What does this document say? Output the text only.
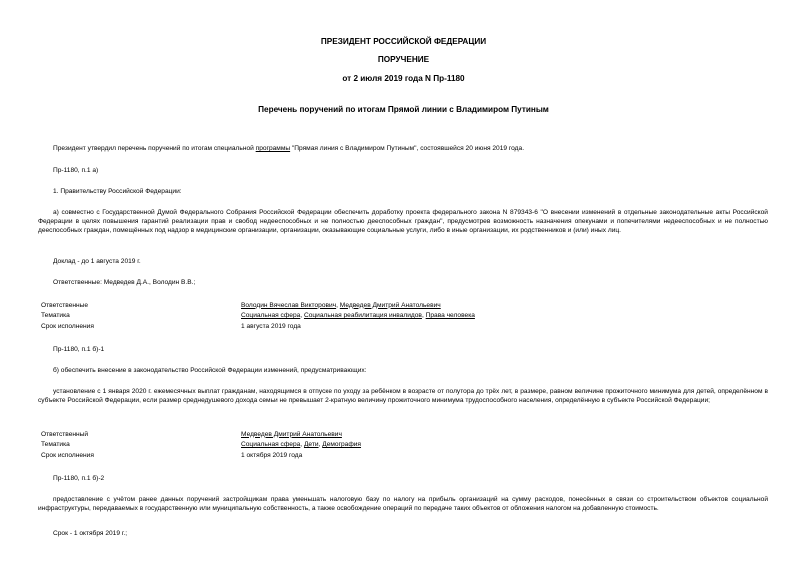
ПРЕЗИДЕНТ РОССИЙСКОЙ ФЕДЕРАЦИИ
ПОРУЧЕНИЕ
от 2 июля 2019 года N Пр-1180
Перечень поручений по итогам Прямой линии с Владимиром Путиным

Президент утвердил перечень поручений по итогам специальной программы "Прямая линия с Владимиром Путиным", состоявшейся 20 июня 2019 года.

Пр-1180, п.1 а)

1. Правительству Российской Федерации:

а) совместно с Государственной Думой Федерального Собрания Российской Федерации обеспечить доработку проекта федерального закона N 879343-6 "О внесении изменений в отдельные законодательные акты Российской Федерации в целях повышения гарантий реализации прав и свобод недееспособных и не полностью дееспособных граждан", предусмотрев возможность назначения опекунами и попечителями недееспособных и не полностью дееспособных граждан, помещённых под надзор в медицинские организации, организации, оказывающие социальные услуги, либо в иные организации, их родственников и (или) иных лиц.

Доклад - до 1 августа 2019 г.

Ответственные: Медведев Д.А., Володин В.В.;

Ответственные	Володин Вячеслав Викторович, Медведев Дмитрий Анатольевич
Тематика	Социальная сфера, Социальная реабилитация инвалидов, Права человека
Срок исполнения	1 августа 2019 года

Пр-1180, п.1 б)-1

б) обеспечить внесение в законодательство Российской Федерации изменений, предусматривающих:

установление с 1 января 2020 г. ежемесячных выплат гражданам, находящимся в отпуске по уходу за ребёнком в возрасте от полутора до трёх лет, в размере, равном величине прожиточного минимума для детей, определённом в субъекте Российской Федерации, если размер среднедушевого дохода семьи не превышает 2-кратную величину прожиточного минимума трудоспособного населения, определённую в субъекте Российской Федерации;

Ответственный	Медведев Дмитрий Анатольевич
Тематика	Социальная сфера, Дети, Демография
Срок исполнения	1 октября 2019 года

Пр-1180, п.1 б)-2

предоставление с учётом ранее данных поручений застройщикам права уменьшать налоговую базу по налогу на прибыль организаций на сумму расходов, понесённых в связи со строительством объектов социальной инфраструктуры, передаваемых в государственную или муниципальную собственность, а также освобождение операций по передаче таких объектов от обложения налогом на добавленную стоимость.

Срок - 1 октября 2019 г.;
